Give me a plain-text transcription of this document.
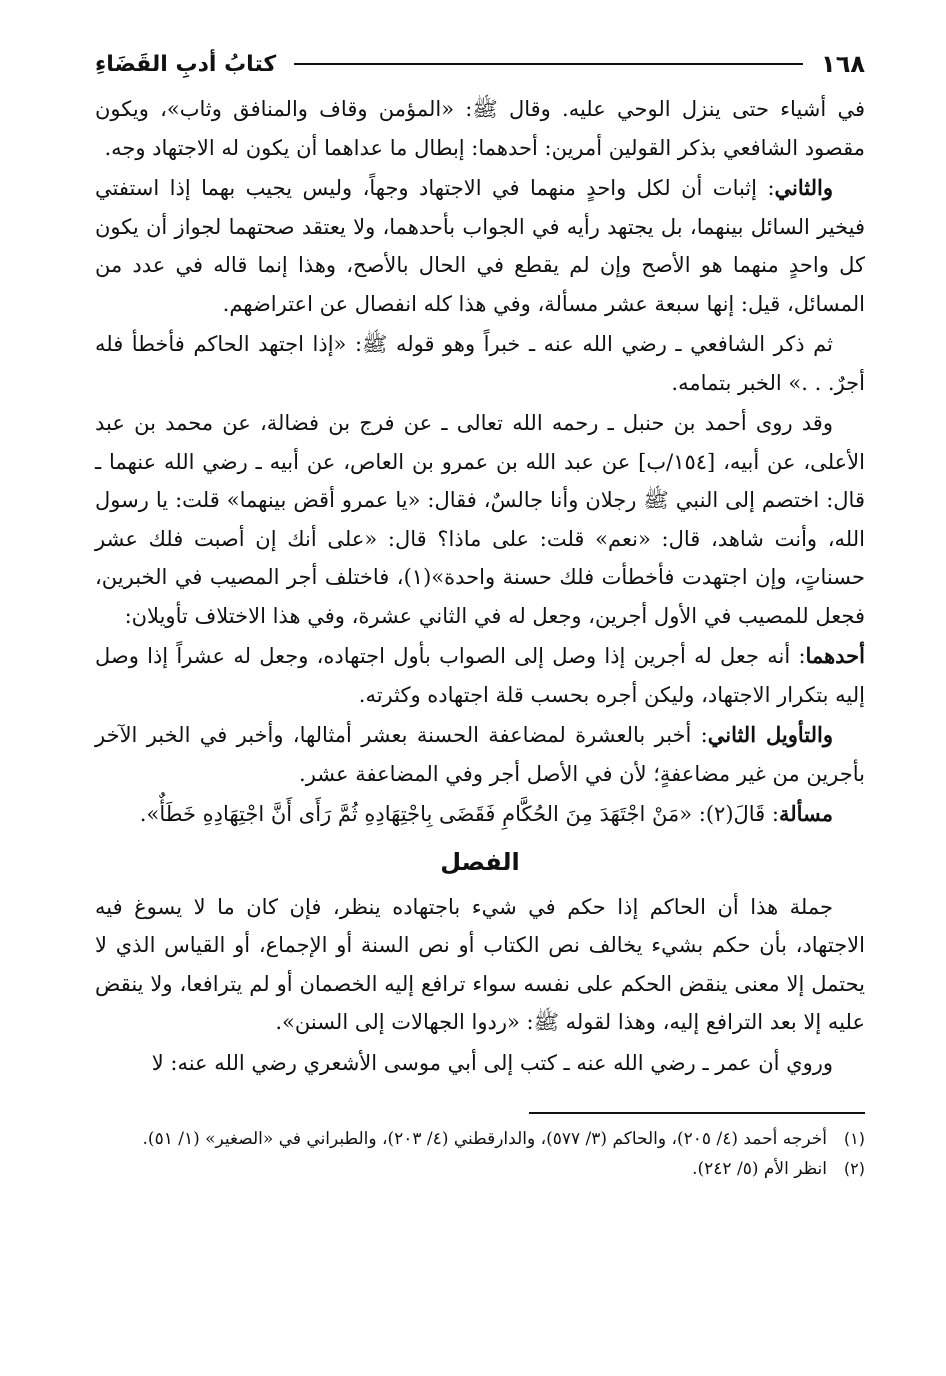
١٦٨
كتابُ أدبِ القَضَاءِ

في أشياء حتى ينزل الوحي عليه. وقال ﷺ: «المؤمن وقاف والمنافق وثاب»، ويكون مقصود الشافعي بذكر القولين أمرين: أحدهما: إبطال ما عداهما أن يكون له الاجتهاد وجه.

والثاني: إثبات أن لكل واحدٍ منهما في الاجتهاد وجهاً، وليس يجيب بهما إذا استفتي فيخير السائل بينهما، بل يجتهد رأيه في الجواب بأحدهما، ولا يعتقد صحتهما لجواز أن يكون كل واحدٍ منهما هو الأصح وإن لم يقطع في الحال بالأصح، وهذا إنما قاله في عدد من المسائل، قيل: إنها سبعة عشر مسألة، وفي هذا كله انفصال عن اعتراضهم.

ثم ذكر الشافعي ـ رضي الله عنه ـ خبراً وهو قوله ﷺ: «إذا اجتهد الحاكم فأخطأ فله أجرٌ. . .» الخبر بتمامه.

وقد روى أحمد بن حنبل ـ رحمه الله تعالى ـ عن فرج بن فضالة، عن محمد بن عبد الأعلى، عن أبيه، [١٥٤/ب] عن عبد الله بن عمرو بن العاص، عن أبيه ـ رضي الله عنهما ـ قال: اختصم إلى النبي ﷺ رجلان وأنا جالسٌ، فقال: «يا عمرو أقض بينهما» قلت: يا رسول الله، وأنت شاهد، قال: «نعم» قلت: على ماذا؟ قال: «على أنك إن أصبت فلك عشر حسناتٍ، وإن اجتهدت فأخطأت فلك حسنة واحدة»(١)، فاختلف أجر المصيب في الخبرين، فجعل للمصيب في الأول أجرين، وجعل له في الثاني عشرة، وفي هذا الاختلاف تأويلان:

أحدهما: أنه جعل له أجرين إذا وصل إلى الصواب بأول اجتهاده، وجعل له عشراً إذا وصل إليه بتكرار الاجتهاد، وليكن أجره بحسب قلة اجتهاده وكثرته.

والتأويل الثاني: أخبر بالعشرة لمضاعفة الحسنة بعشر أمثالها، وأخبر في الخبر الآخر بأجرين من غير مضاعفةٍ؛ لأن في الأصل أجر وفي المضاعفة عشر.

مسألة: قَالَ(٢): «مَنْ اجْتَهَدَ مِنَ الحُكَّامِ فَقَضَى بِاجْتِهَادِهِ ثُمَّ رَأَى أَنَّ اجْتِهَادِهِ خَطَأٌ».

الفصل

جملة هذا أن الحاكم إذا حكم في شيء باجتهاده ينظر، فإن كان ما لا يسوغ فيه الاجتهاد، بأن حكم بشيء يخالف نص الكتاب أو نص السنة أو الإجماع، أو القياس الذي لا يحتمل إلا معنى ينقض الحكم على نفسه سواء ترافع إليه الخصمان أو لم يترافعا، ولا ينقض عليه إلا بعد الترافع إليه، وهذا لقوله ﷺ: «ردوا الجهالات إلى السنن».

وروي أن عمر ـ رضي الله عنه ـ كتب إلى أبي موسى الأشعري رضي الله عنه: لا

(١)
أخرجه أحمد (٤/ ٢٠٥)، والحاكم (٣/ ٥٧٧)، والدارقطني (٤/ ٢٠٣)، والطبراني في «الصغير» (١/ ٥١).
(٢)
انظر الأم (٥/ ٢٤٢).
